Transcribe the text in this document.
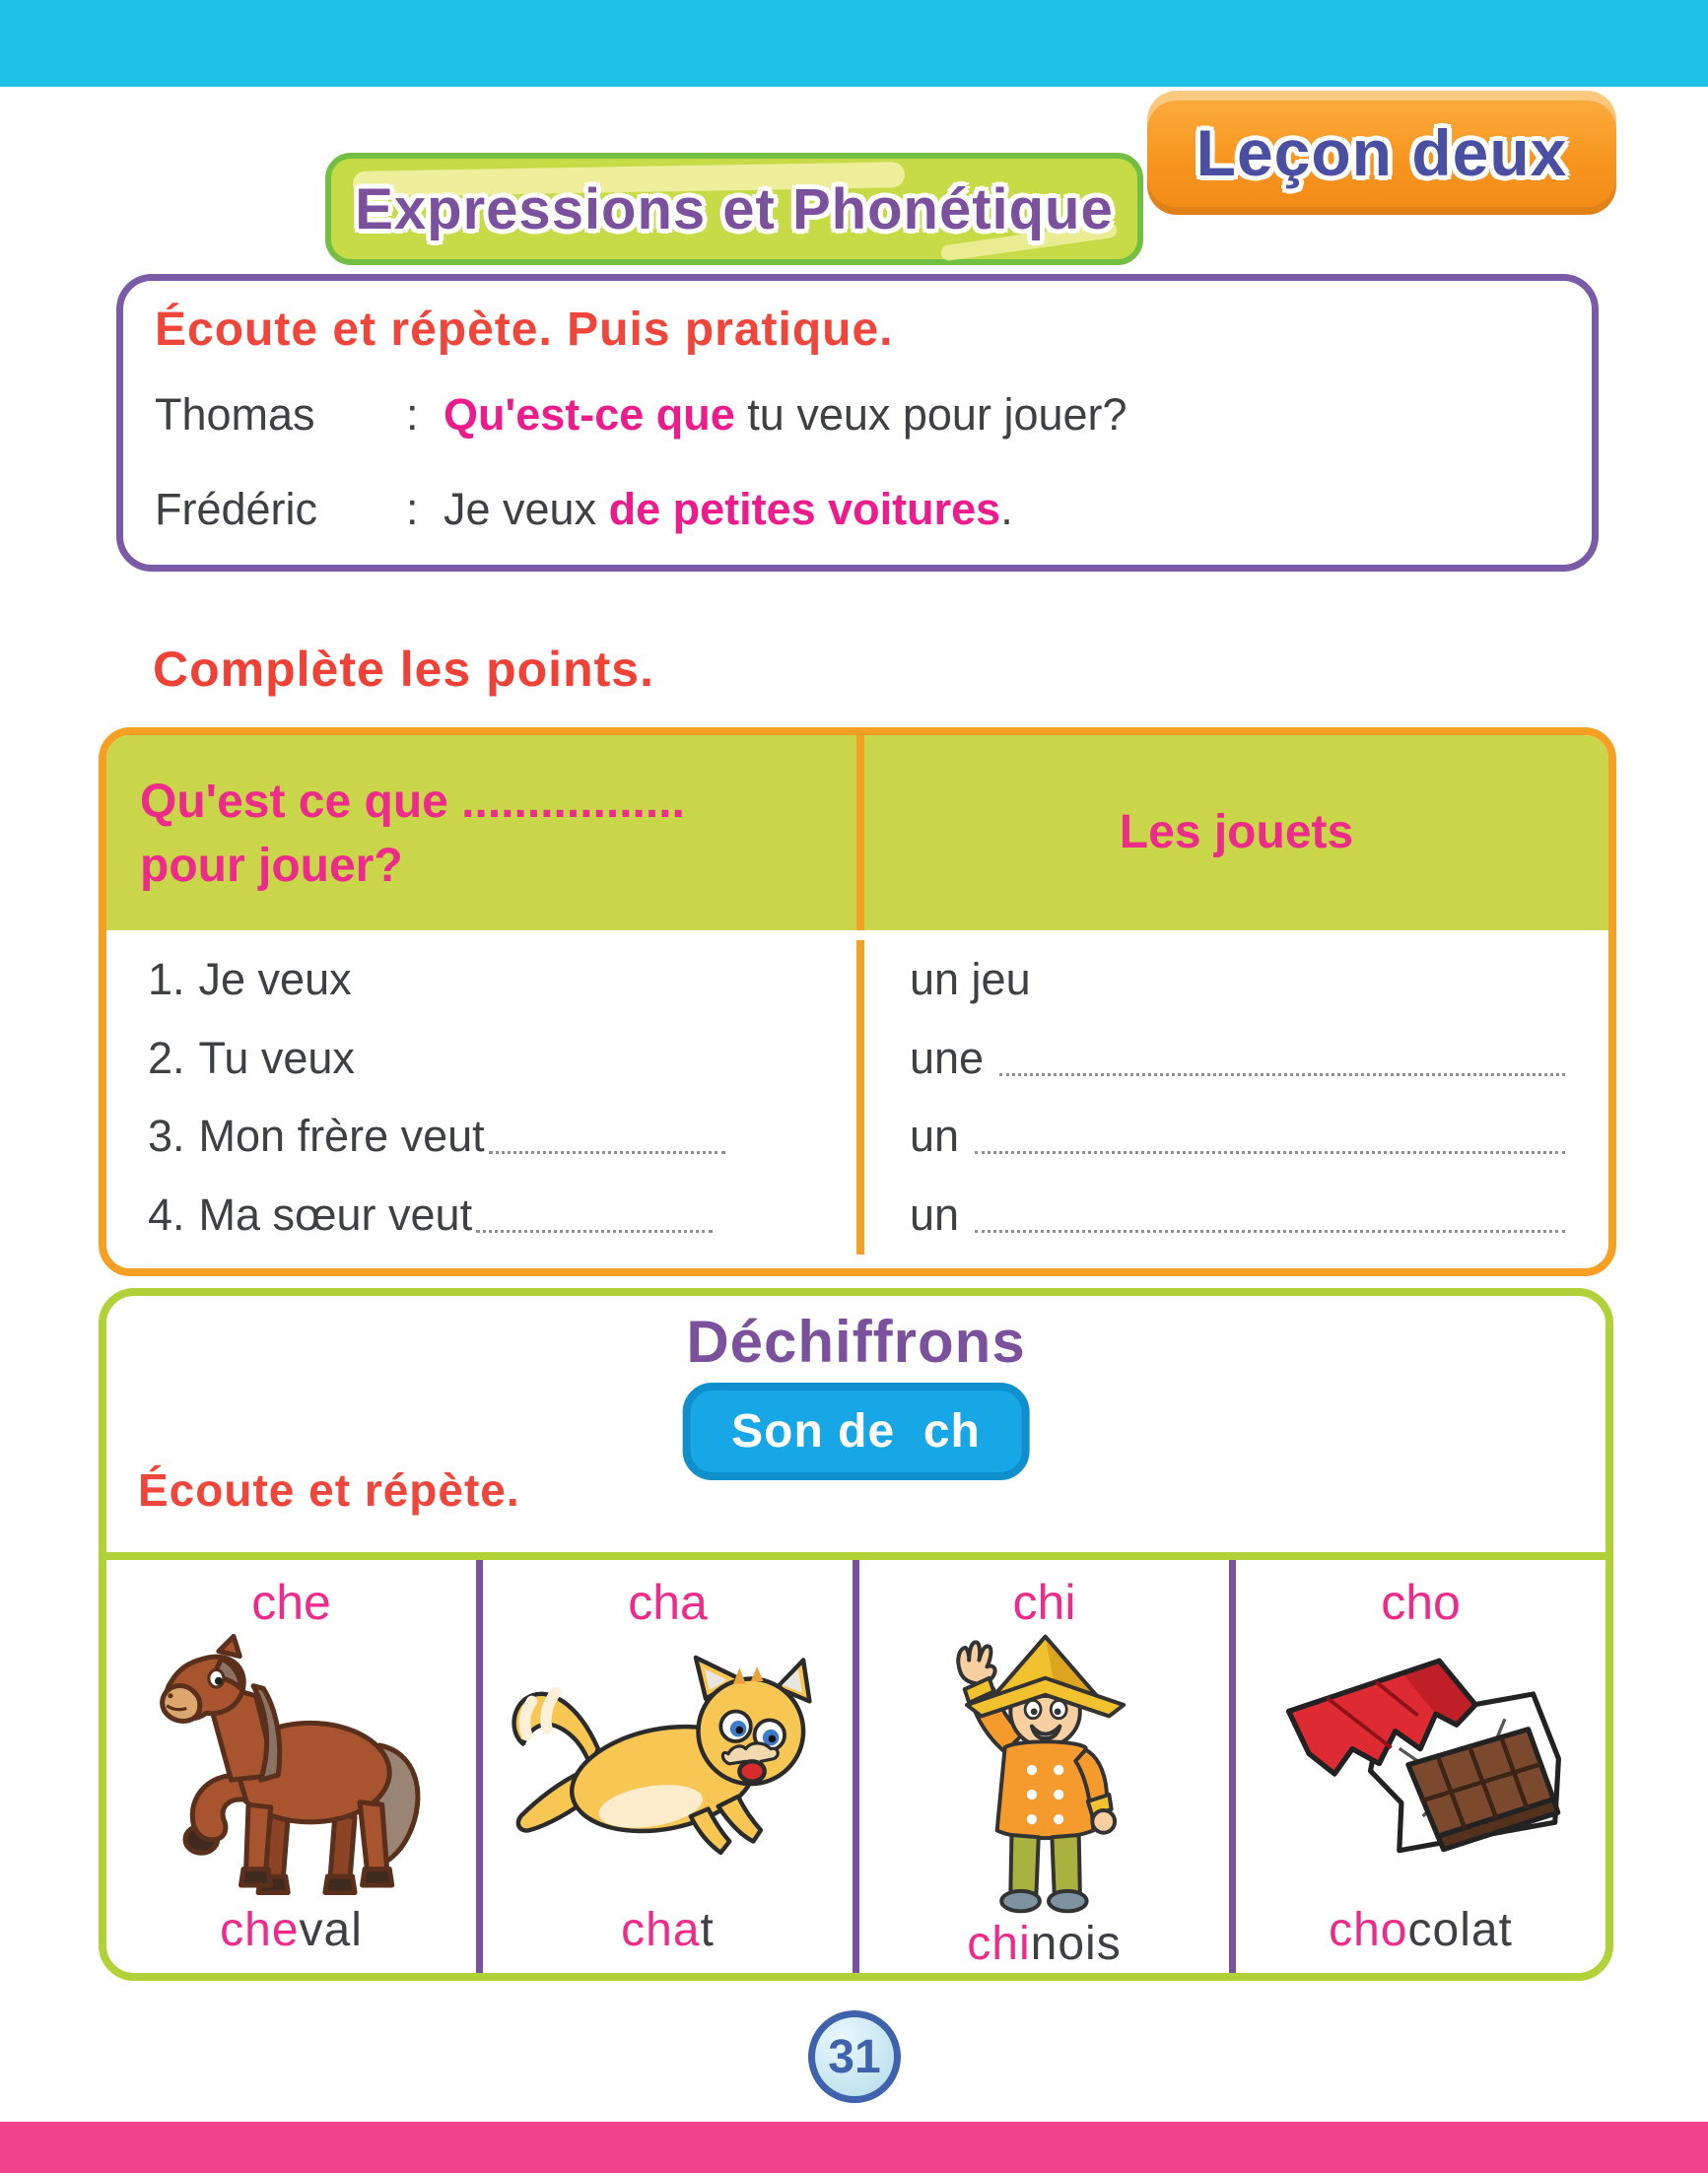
Leçon deux
Expressions et Phonétique
Écoute et répète. Puis pratique.
Thomas	: Qu'est-ce que tu veux pour jouer?
Frédéric	: Je veux de petites voitures.
Complète les points.
Qu'est ce que .................
pour jouer?
Les jouets
1. Je veux	un jeu
2. Tu veux	une
3. Mon frère veut	un
4. Ma sœur veut	un
Déchiffrons
Son de  ch
Écoute et répète.
che
cheval
cha
chat
chi
chinois
cho
chocolat
31
